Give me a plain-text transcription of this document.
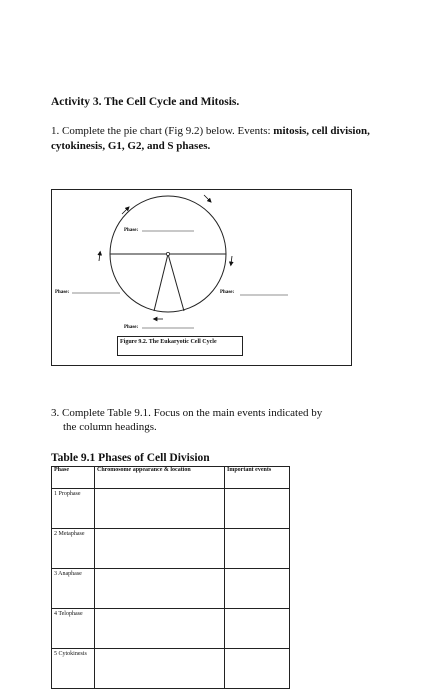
Activity 3. The Cell Cycle and Mitosis.
1. Complete the pie chart (Fig 9.2) below. Events: mitosis, cell division, cytokinesis, G1, G2, and S phases.
Phase:
Phase:	Phase:
Phase:
Figure 9.2. The Eukaryotic Cell Cycle
3. Complete Table 9.1. Focus on the main events indicated by
the column headings.
Table 9.1 Phases of Cell Division
Phase	Chromosome appearance & location	Important events
1 Prophase		
2 Metaphase		
3 Anaphase		
4 Telophase		
5 Cytokinesis		
